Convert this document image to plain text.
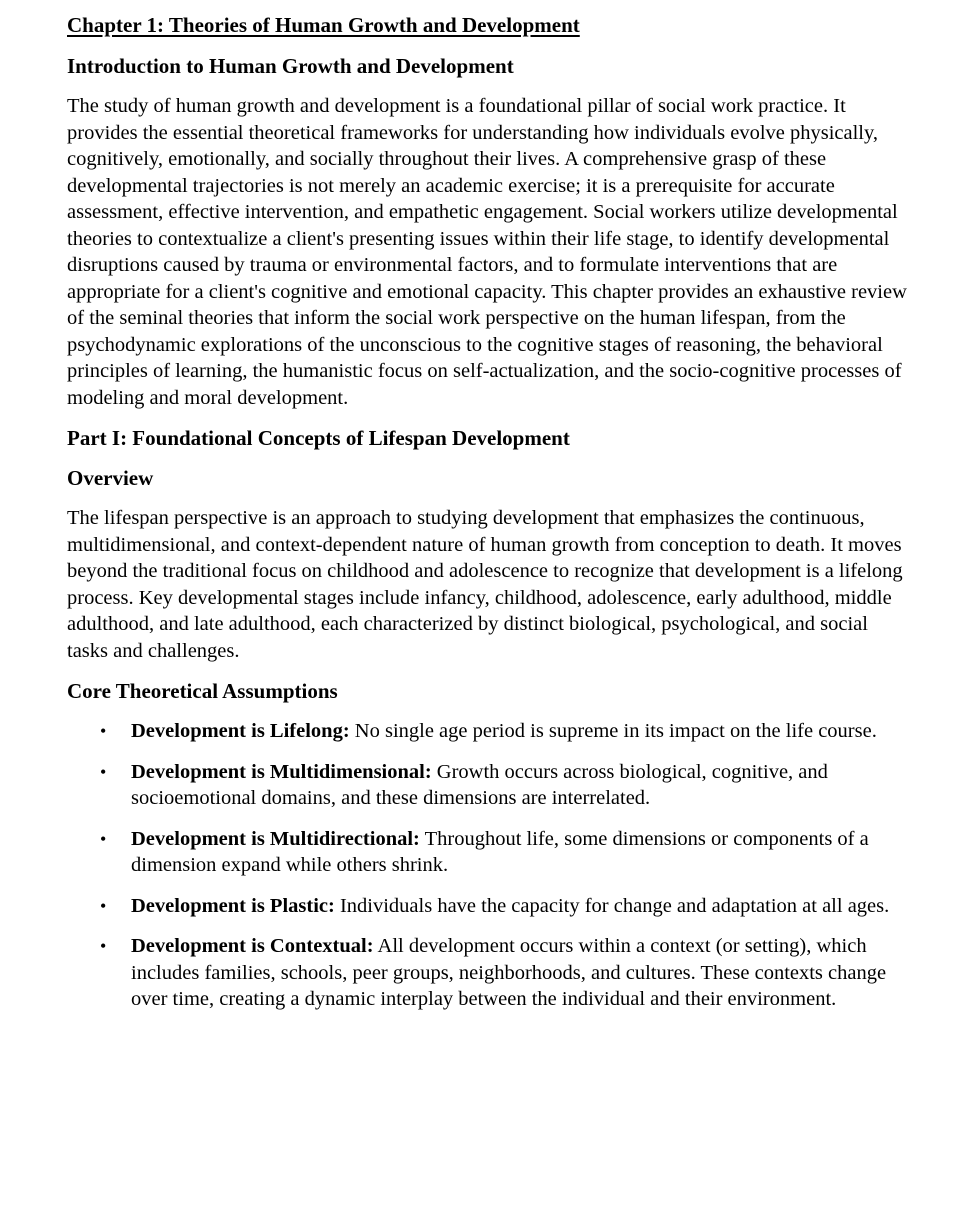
Chapter 1: Theories of Human Growth and Development
Introduction to Human Growth and Development

The study of human growth and development is a foundational pillar of social work practice. It provides the essential theoretical frameworks for understanding how individuals evolve physically, cognitively, emotionally, and socially throughout their lives. A comprehensive grasp of these developmental trajectories is not merely an academic exercise; it is a prerequisite for accurate assessment, effective intervention, and empathetic engagement. Social workers utilize developmental theories to contextualize a client's presenting issues within their life stage, to identify developmental disruptions caused by trauma or environmental factors, and to formulate interventions that are appropriate for a client's cognitive and emotional capacity. This chapter provides an exhaustive review of the seminal theories that inform the social work perspective on the human lifespan, from the psychodynamic explorations of the unconscious to the cognitive stages of reasoning, the behavioral principles of learning, the humanistic focus on self-actualization, and the socio-cognitive processes of modeling and moral development.

Part I: Foundational Concepts of Lifespan Development
Overview

The lifespan perspective is an approach to studying development that emphasizes the continuous, multidimensional, and context-dependent nature of human growth from conception to death. It moves beyond the traditional focus on childhood and adolescence to recognize that development is a lifelong process. Key developmental stages include infancy, childhood, adolescence, early adulthood, middle adulthood, and late adulthood, each characterized by distinct biological, psychological, and social tasks and challenges.

Core Theoretical Assumptions
• Development is Lifelong: No single age period is supreme in its impact on the life course.
• Development is Multidimensional: Growth occurs across biological, cognitive, and socioemotional domains, and these dimensions are interrelated.
• Development is Multidirectional: Throughout life, some dimensions or components of a dimension expand while others shrink.
• Development is Plastic: Individuals have the capacity for change and adaptation at all ages.
• Development is Contextual: All development occurs within a context (or setting), which includes families, schools, peer groups, neighborhoods, and cultures. These contexts change over time, creating a dynamic interplay between the individual and their environment.
